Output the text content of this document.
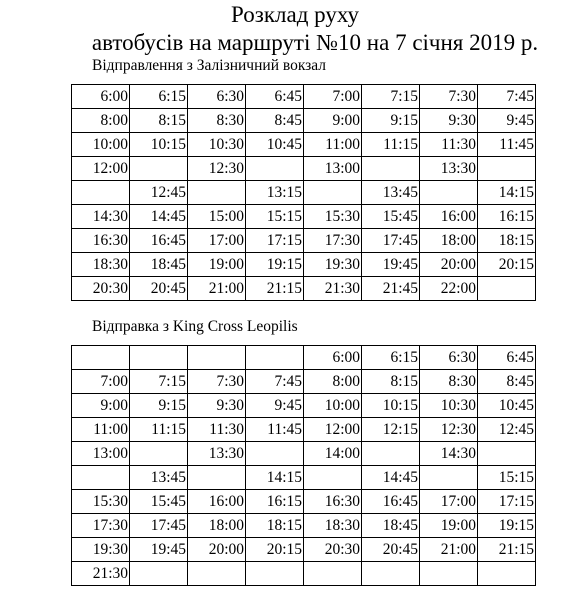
Розклад руху
автобусів на маршруті №10 на 7 січня 2019 р.
Відправлення з Залізничний вокзал
6:00	6:15	6:30	6:45	7:00	7:15	7:30	7:45
8:00	8:15	8:30	8:45	9:00	9:15	9:30	9:45
10:00	10:15	10:30	10:45	11:00	11:15	11:30	11:45
12:00		12:30		13:00		13:30	
	12:45		13:15		13:45		14:15
14:30	14:45	15:00	15:15	15:30	15:45	16:00	16:15
16:30	16:45	17:00	17:15	17:30	17:45	18:00	18:15
18:30	18:45	19:00	19:15	19:30	19:45	20:00	20:15
20:30	20:45	21:00	21:15	21:30	21:45	22:00	
Відправка з King Cross Leopilis
				6:00	6:15	6:30	6:45
7:00	7:15	7:30	7:45	8:00	8:15	8:30	8:45
9:00	9:15	9:30	9:45	10:00	10:15	10:30	10:45
11:00	11:15	11:30	11:45	12:00	12:15	12:30	12:45
13:00		13:30		14:00		14:30	
	13:45		14:15		14:45		15:15
15:30	15:45	16:00	16:15	16:30	16:45	17:00	17:15
17:30	17:45	18:00	18:15	18:30	18:45	19:00	19:15
19:30	19:45	20:00	20:15	20:30	20:45	21:00	21:15
21:30							
